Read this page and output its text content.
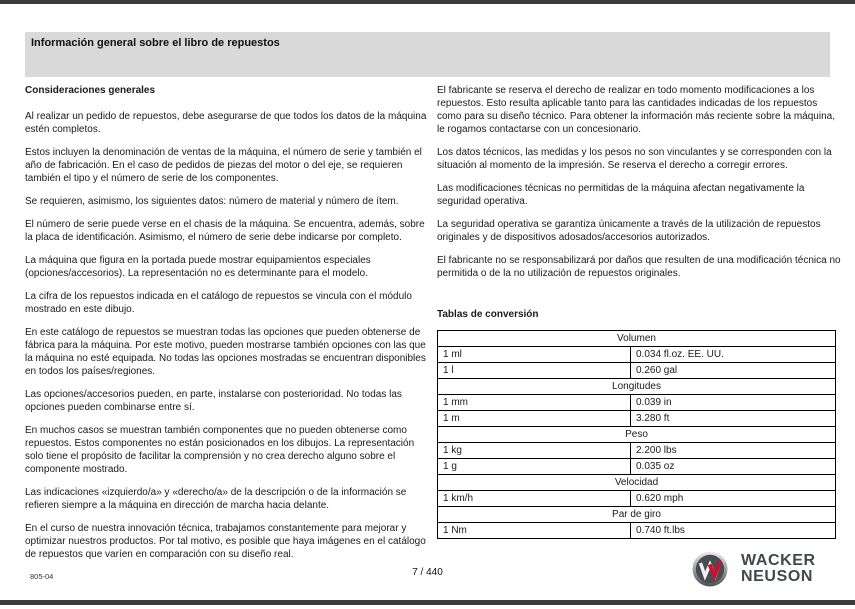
Información general sobre el libro de repuestos
Consideraciones generales

Al realizar un pedido de repuestos, debe asegurarse de que todos los datos de la máquina estén completos.

Estos incluyen la denominación de ventas de la máquina, el número de serie y también el año de fabricación. En el caso de pedidos de piezas del motor o del eje, se requieren también el tipo y el número de serie de los componentes.

Se requieren, asimismo, los siguientes datos: número de material y número de ítem.

El número de serie puede verse en el chasis de la máquina. Se encuentra, además, sobre la placa de identificación. Asimismo, el número de serie debe indicarse por completo.

La máquina que figura en la portada puede mostrar equipamientos especiales (opciones/accesorios). La representación no es determinante para el modelo.

La cifra de los repuestos indicada en el catálogo de repuestos se vincula con el módulo mostrado en este dibujo.

En este catálogo de repuestos se muestran todas las opciones que pueden obtenerse de fábrica para la máquina. Por este motivo, pueden mostrarse también opciones con las que la máquina no esté equipada. No todas las opciones mostradas se encuentran disponibles en todos los países/regiones.

Las opciones/accesorios pueden, en parte, instalarse con posterioridad. No todas las opciones pueden combinarse entre sí.

En muchos casos se muestran también componentes que no pueden obtenerse como repuestos. Estos componentes no están posicionados en los dibujos. La representación solo tiene el propósito de facilitar la comprensión y no crea derecho alguno sobre el componente mostrado.

Las indicaciones «izquierdo/a» y «derecho/a» de la descripción o de la información se refieren siempre a la máquina en dirección de marcha hacia delante.

En el curso de nuestra innovación técnica, trabajamos constantemente para mejorar y optimizar nuestros productos. Por tal motivo, es posible que haya imágenes en el catálogo de repuestos que varíen en comparación con su diseño real.

El fabricante se reserva el derecho de realizar en todo momento modificaciones a los repuestos. Esto resulta aplicable tanto para las cantidades indicadas de los repuestos como para su diseño técnico. Para obtener la información más reciente sobre la máquina, le rogamos contactarse con un concesionario.

Los datos técnicos, las medidas y los pesos no son vinculantes y se corresponden con la situación al momento de la impresión. Se reserva el derecho a corregir errores.

Las modificaciones técnicas no permitidas de la máquina afectan negativamente la seguridad operativa.

La seguridad operativa se garantiza únicamente a través de la utilización de repuestos originales y de dispositivos adosados/accesorios autorizados.

El fabricante no se responsabilizará por daños que resulten de una modificación técnica no permitida o de la no utilización de repuestos originales.

Tablas de conversión
Volumen	
1 ml	0.034 fl.oz. EE. UU.
1 l	0.260 gal
Longitudes	
1 mm	0.039 in
1 m	3.280 ft
Peso	
1 kg	2.200 lbs
1 g	0.035 oz
Velocidad	
1 km/h	0.620 mph
Par de giro	
1 Nm	0.740 ft.lbs
805-04	7 / 440
WACKER
NEUSON
